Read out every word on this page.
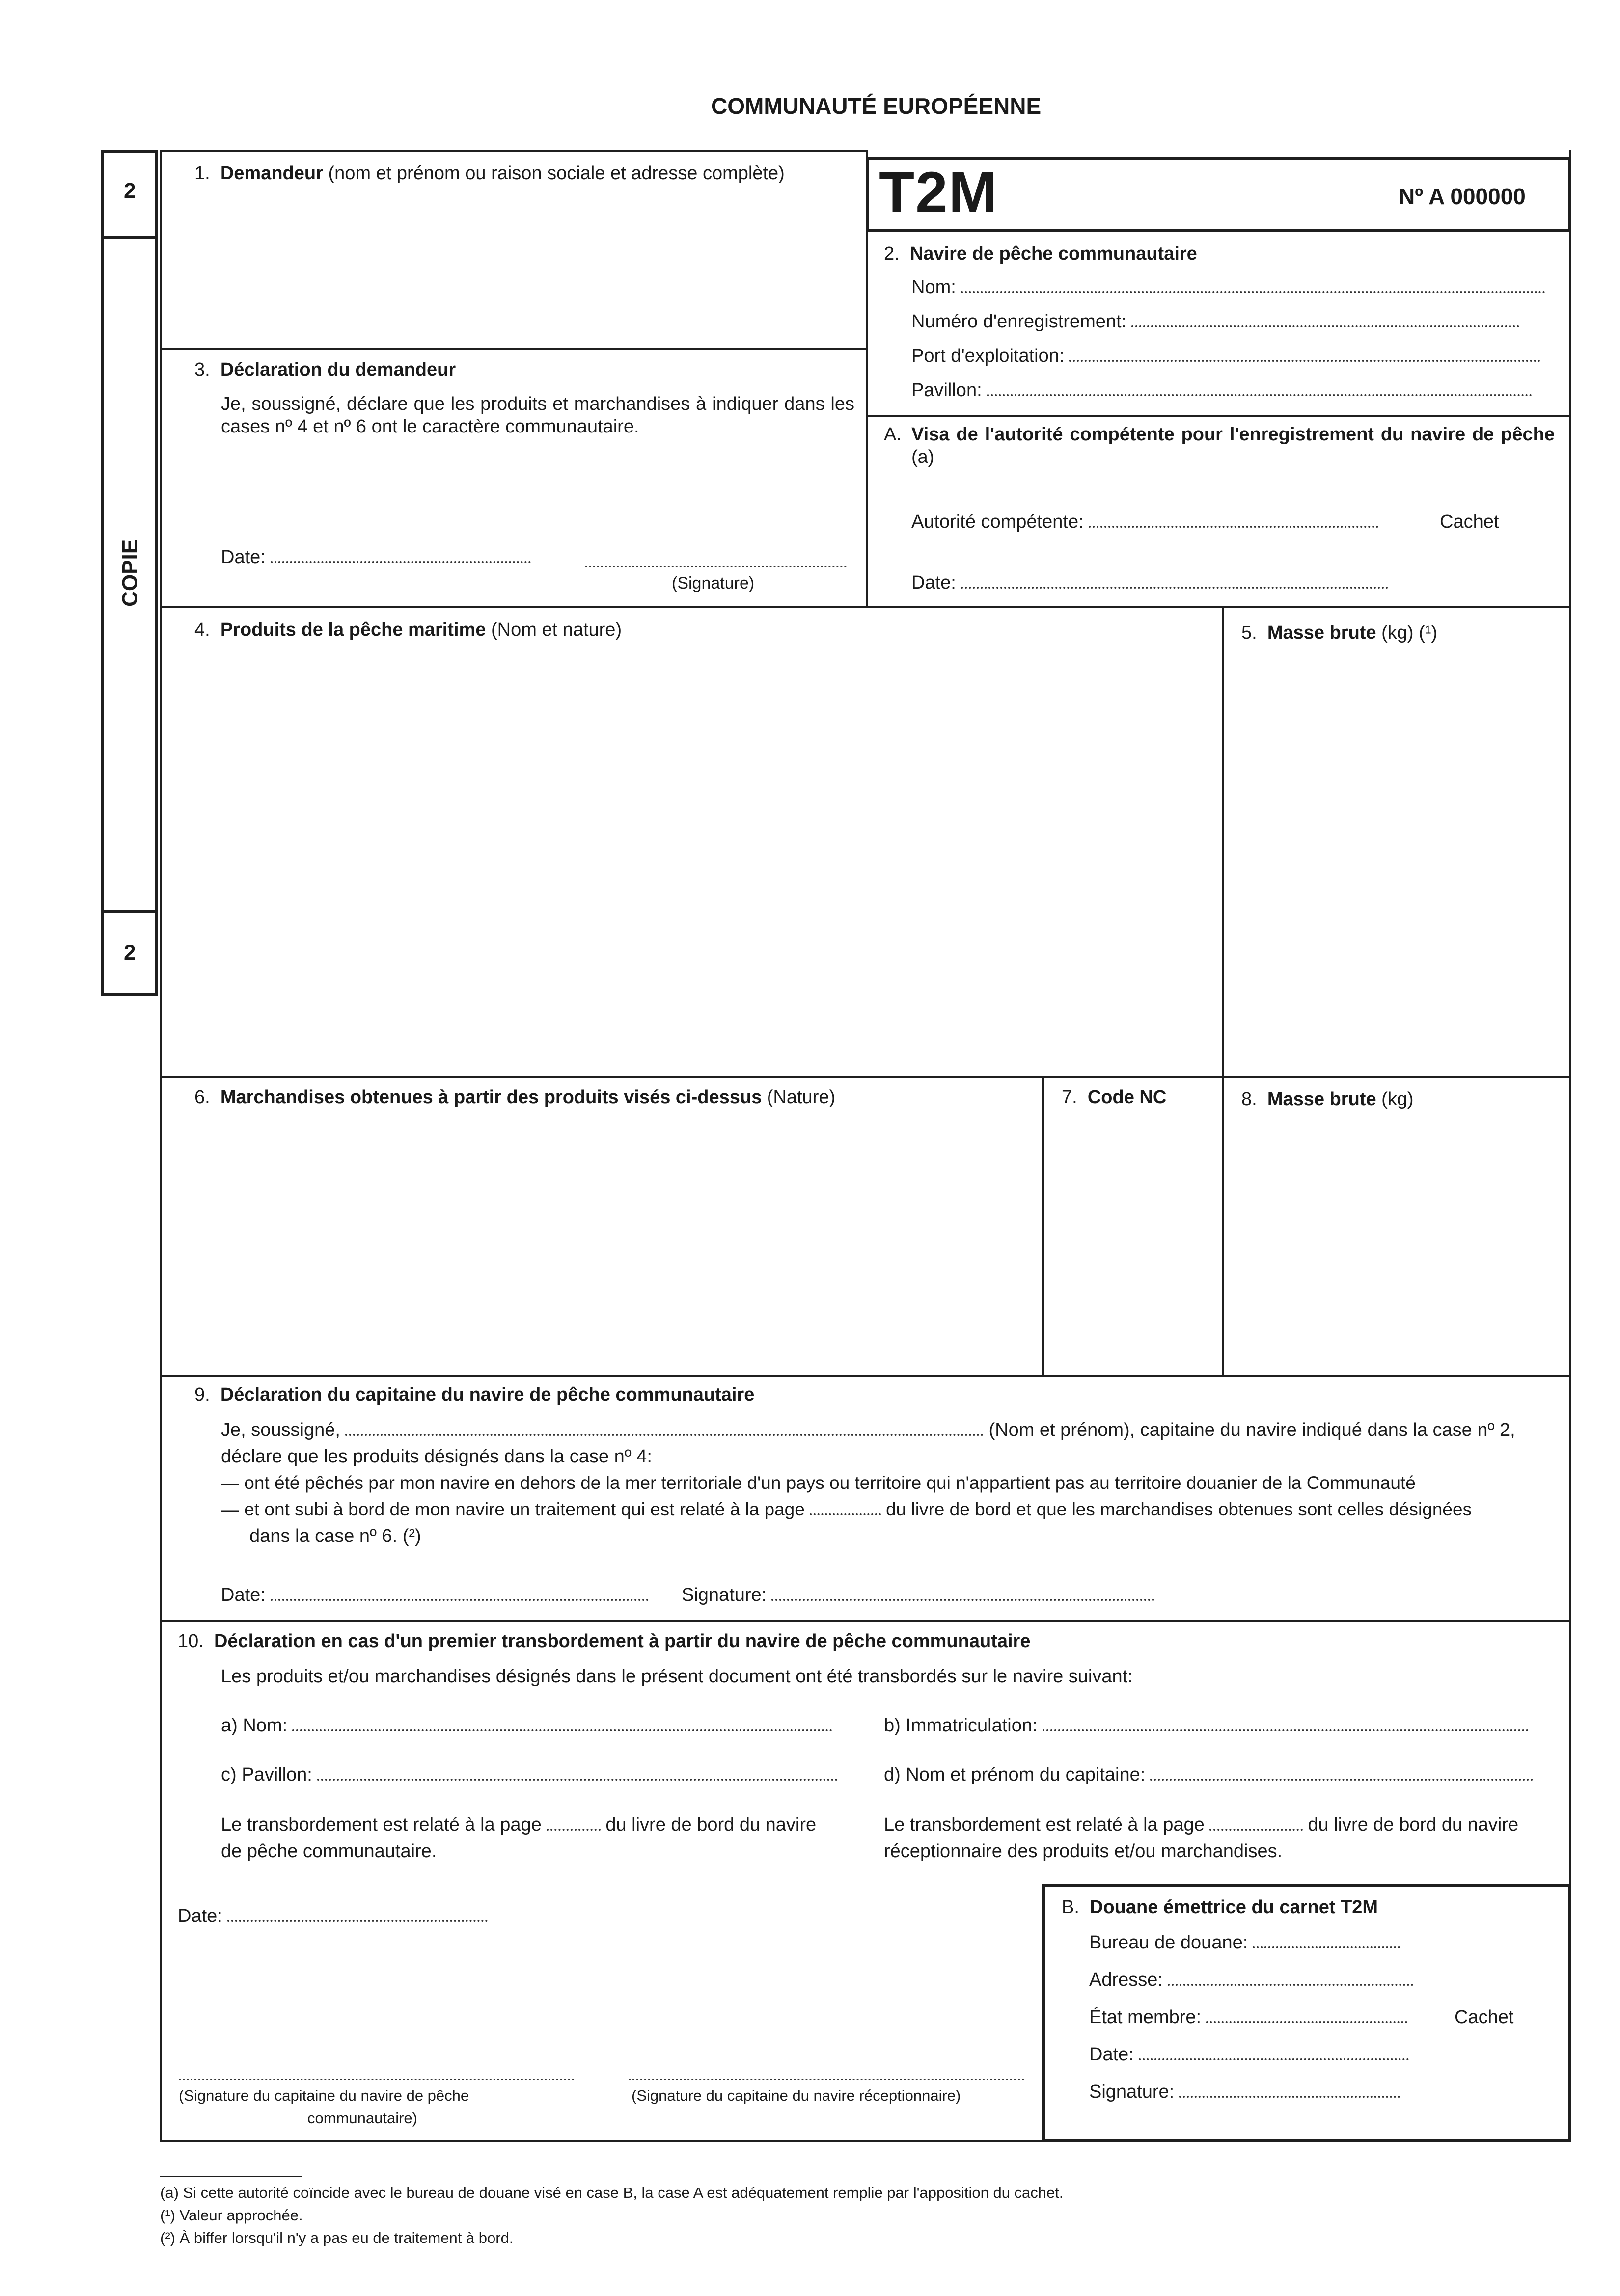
COMMUNAUTÉ EUROPÉENNE
2
2
COPIE
T2M	Nº A 000000
1. Demandeur (nom et prénom ou raison sociale et adresse complète)
2. Navire de pêche communautaire
Nom:
Numéro d'enregistrement:
Port d'exploitation:
Pavillon:
3. Déclaration du demandeur
Je, soussigné, déclare que les produits et marchandises à indiquer dans les cases nº 4 et nº 6 ont le caractère communautaire.
Date:
(Signature)
A. Visa de l'autorité compétente pour l'enregistrement du navire de pêche (a)
Autorité compétente:	Cachet
Date:
4. Produits de la pêche maritime (Nom et nature)	5. Masse brute (kg) (¹)
6. Marchandises obtenues à partir des produits visés ci-dessus (Nature)	7. Code NC	8. Masse brute (kg)
9. Déclaration du capitaine du navire de pêche communautaire
Je, soussigné,	(Nom et prénom), capitaine du navire indiqué dans la case nº 2,
déclare que les produits désignés dans la case nº 4:
— ont été pêchés par mon navire en dehors de la mer territoriale d'un pays ou territoire qui n'appartient pas au territoire douanier de la Communauté
— et ont subi à bord de mon navire un traitement qui est relaté à la page	du livre de bord et que les marchandises obtenues sont celles désignées
dans la case nº 6. (²)
Date:	Signature:
10. Déclaration en cas d'un premier transbordement à partir du navire de pêche communautaire
Les produits et/ou marchandises désignés dans le présent document ont été transbordés sur le navire suivant:
a) Nom:	b) Immatriculation:
c) Pavillon:	d) Nom et prénom du capitaine:
Le transbordement est relaté à la page	du livre de bord du navire
de pêche communautaire.
Le transbordement est relaté à la page	du livre de bord du navire
réceptionnaire des produits et/ou marchandises.
Date:
(Signature du capitaine du navire de pêche
communautaire)
(Signature du capitaine du navire réceptionnaire)
B. Douane émettrice du carnet T2M
Bureau de douane:
Adresse:
État membre:
Date:
Signature:
Cachet
(a) Si cette autorité coïncide avec le bureau de douane visé en case B, la case A est adéquatement remplie par l'apposition du cachet.
(¹) Valeur approchée.
(²) À biffer lorsqu'il n'y a pas eu de traitement à bord.
